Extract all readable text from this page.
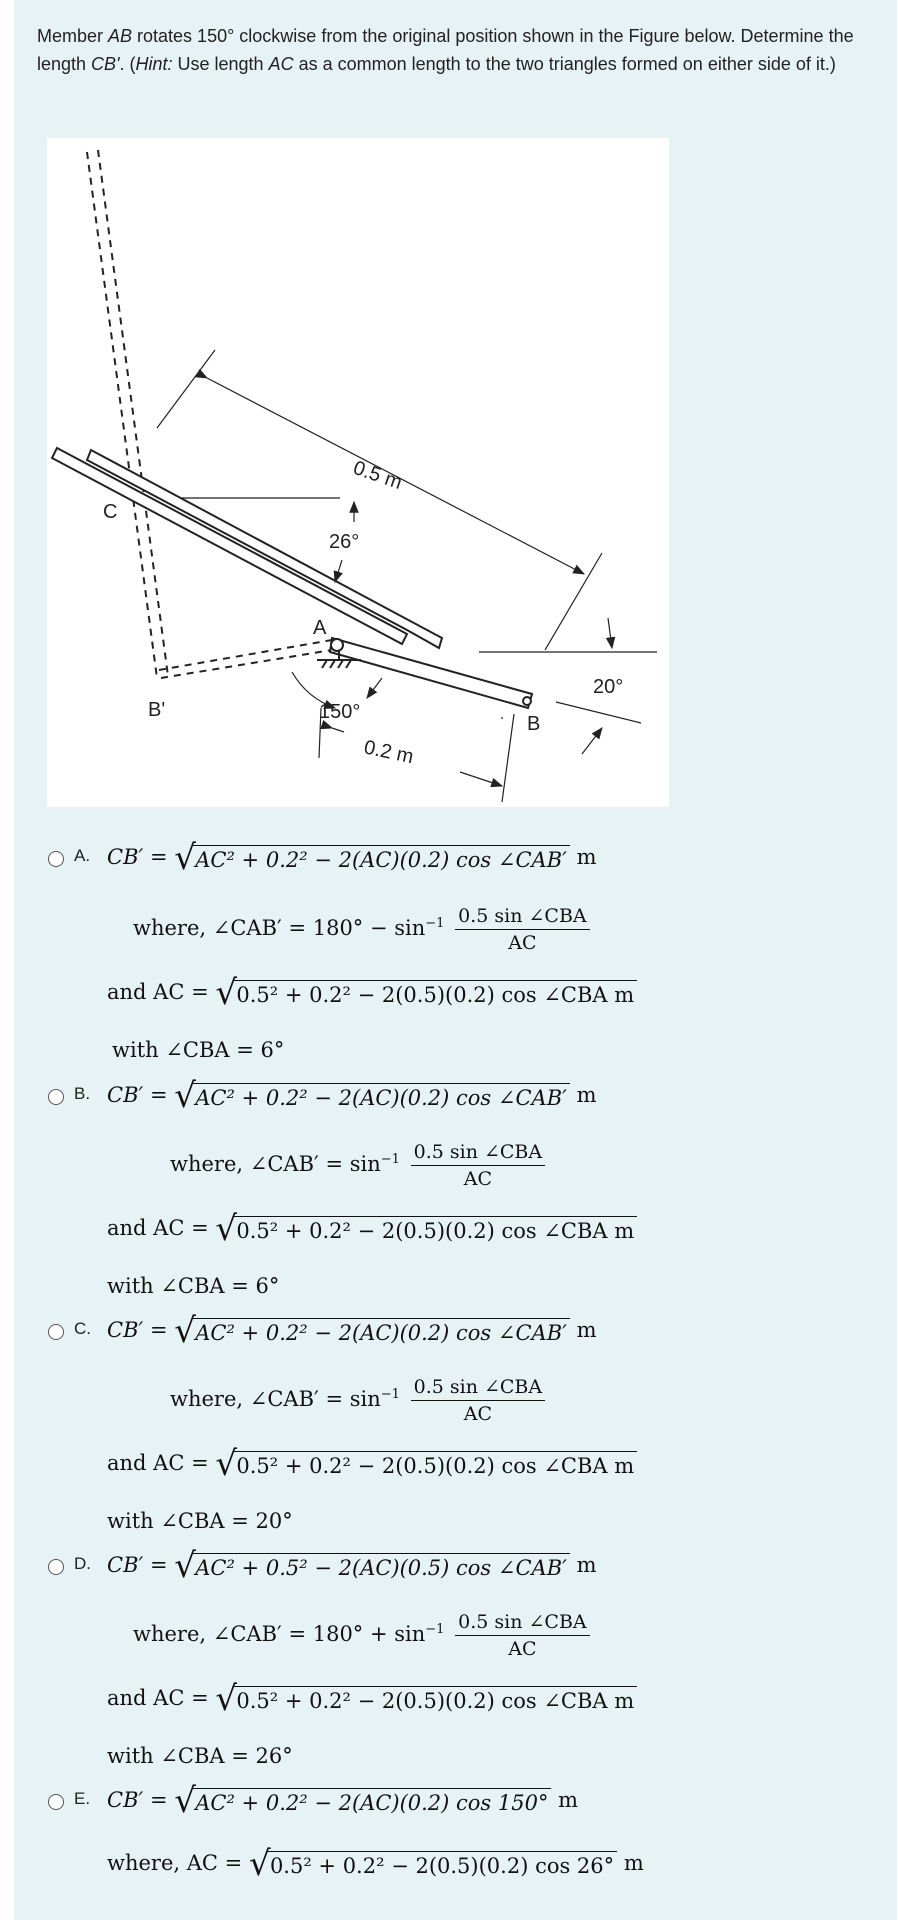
Member AB rotates 150° clockwise from the original position shown in the Figure below. Determine the length CB'. (Hint: Use length AC as a common length to the two triangles formed on either side of it.)
C
A
B
B'
0.5 m
0.2 m
26°
20°
150°
A. CB′ = √ AC² + 0.2² − 2(AC)(0.2) cos ∠CAB′ m
where, ∠CAB′ = $180^\circ - \sin^{-1} \frac{\text{0.5 sin ∠CBA}}{AC}$
and AC = √ 0.5² + 0.2² − 2(0.5)(0.2) cos ∠CBA m
with ∠CBA = 6°
B. CB′ = √ AC² + 0.2² − 2(AC)(0.2) cos ∠CAB′ m
where, ∠CAB′ = $\sin^{-1} \frac{\text{0.5 sin ∠CBA}}{AC}$
and AC = √ 0.5² + 0.2² − 2(0.5)(0.2) cos ∠CBA m
with ∠CBA = 6°
C. CB′ = √ AC² + 0.2² − 2(AC)(0.2) cos ∠CAB′ m
where, ∠CAB′ = $\sin^{-1} \frac{\text{0.5 sin ∠CBA}}{AC}$
and AC = √ 0.5² + 0.2² − 2(0.5)(0.2) cos ∠CBA m
with ∠CBA = 20°
D. CB′ = √ AC² + 0.5² − 2(AC)(0.5) cos ∠CAB′ m
where, ∠CAB′ = $180^\circ + \sin^{-1} \frac{\text{0.5 sin ∠CBA}}{AC}$
and AC = √ 0.5² + 0.2² − 2(0.5)(0.2) cos ∠CBA m
with ∠CBA = 26°
E. CB′ = √ AC² + 0.2² − 2(AC)(0.2) cos 150° m
where, AC = √ 0.5² + 0.2² − 2(0.5)(0.2) cos 26° m
